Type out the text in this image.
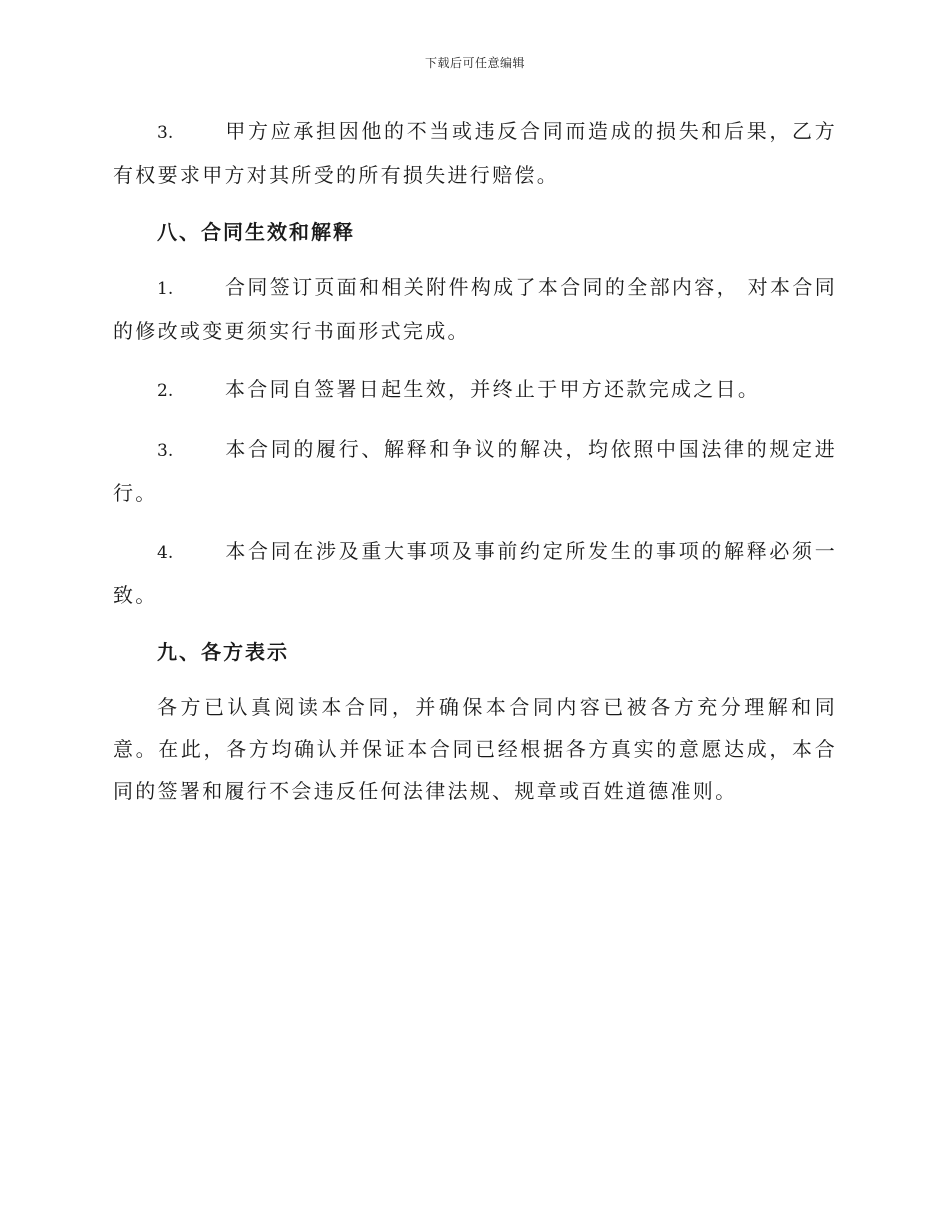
下载后可任意编辑

3.	甲方应承担因他的不当或违反合同而造成的损失和后果，乙方有权要求甲方对其所受的所有损失进行赔偿。

八、合同生效和解释

1.	合同签订页面和相关附件构成了本合同的全部内容， 对本合同的修改或变更须实行书面形式完成。

2.	本合同自签署日起生效，并终止于甲方还款完成之日。

3.	本合同的履行、解释和争议的解决，均依照中国法律的规定进行。

4.	本合同在涉及重大事项及事前约定所发生的事项的解释必须一致。

九、各方表示

各方已认真阅读本合同，并确保本合同内容已被各方充分理解和同意。在此，各方均确认并保证本合同已经根据各方真实的意愿达成，本合同的签署和履行不会违反任何法律法规、规章或百姓道德准则。
